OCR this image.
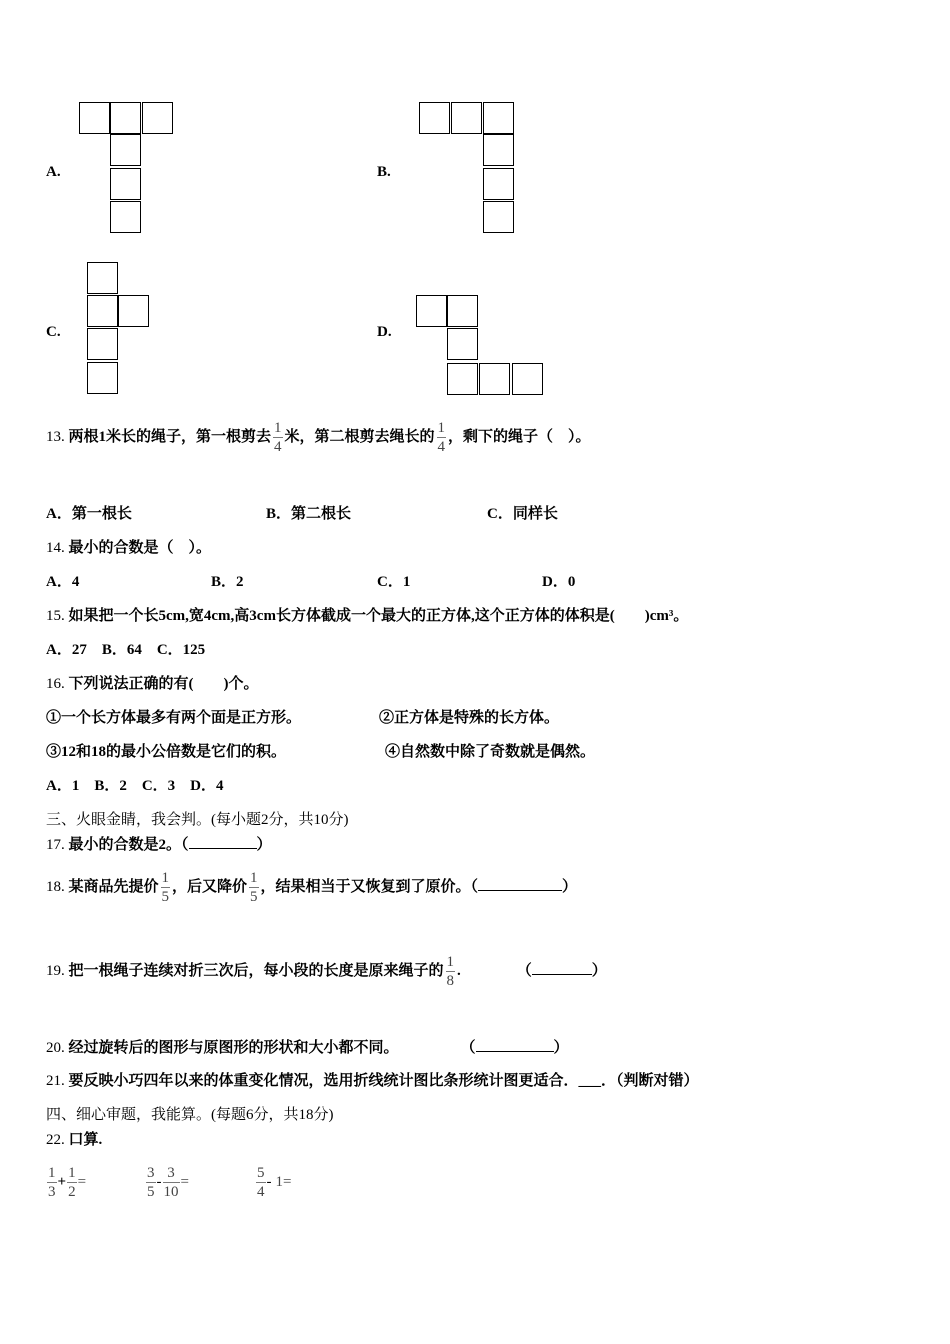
A.	B.
C.	D.
13. 两根1米长的绳子，第一根剪去 $\frac{1}{4}$ 米，第二根剪去绳长的 $\frac{1}{4}$ ，剩下的绳子（　）。
A．第一根长	B．第二根长	C．同样长
14. 最小的合数是（　）。
A．4	B．2	C．1	D．0
15. 如果把一个长5cm,宽4cm,高3cm长方体截成一个最大的正方体,这个正方体的体积是(　　)cm³。
A．27　B．64　C．125
16. 下列说法正确的有(　　)个。
①一个长方体最多有两个面是正方形。	②正方体是特殊的长方体。
③12和18的最小公倍数是它们的积。	④自然数中除了奇数就是偶然。
A．1　B．2　C．3　D．4
三、火眼金睛，我会判。(每小题2分，共10分)
17. 最小的合数是2。（	）
18. 某商品先提价 $\frac{1}{5}$ ，后又降价 $\frac{1}{5}$ ，结果相当于又恢复到了原价。（	）
19. 把一根绳子连续对折三次后，每小段的长度是原来绳子的 $\frac{1}{8}$ .	（	）
20. 经过旋转后的图形与原图形的形状和大小都不同。	（	）
21. 要反映小巧四年以来的体重变化情况，选用折线统计图比条形统计图更适合．___．（判断对错）
四、细心审题，我能算。(每题6分，共18分)
22. 口算.
$\frac{1}{3} + \frac{1}{2}$ =	$\frac{3}{5} - \frac{3}{10}$ =	$\frac{5}{4} - 1=$
